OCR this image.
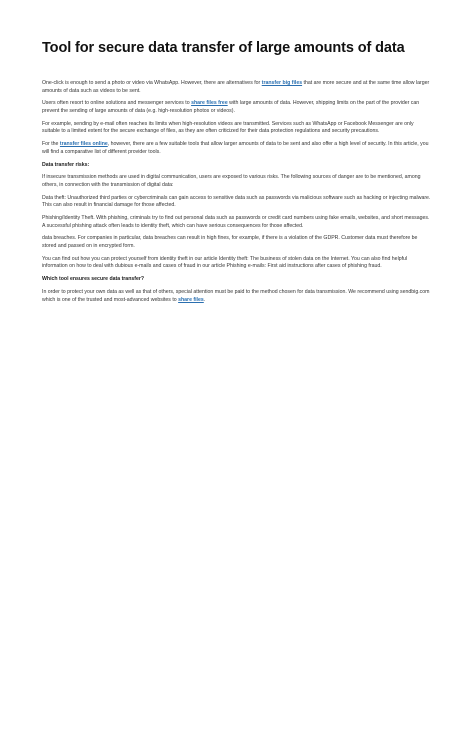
Tool for secure data transfer of large amounts of data

One-click is enough to send a photo or video via WhatsApp. However, there are alternatives for transfer big files that are more secure and at the same time allow larger amounts of data such as videos to be sent.

Users often resort to online solutions and messenger services to share files free with large amounts of data. However, shipping limits on the part of the provider can prevent the sending of large amounts of data (e.g. high-resolution photos or videos).

For example, sending by e-mail often reaches its limits when high-resolution videos are transmitted. Services such as WhatsApp or Facebook Messenger are only suitable to a limited extent for the secure exchange of files, as they are often criticized for their data protection regulations and security precautions.

For the transfer files online, however, there are a few suitable tools that allow larger amounts of data to be sent and also offer a high level of security. In this article, you will find a comparative list of different provider tools.

Data transfer risks:

If insecure transmission methods are used in digital communication, users are exposed to various risks. The following sources of danger are to be mentioned, among others, in connection with the transmission of digital data:

Data theft: Unauthorized third parties or cybercriminals can gain access to sensitive data such as passwords via malicious software such as hacking or injecting malware. This can also result in financial damage for those affected.

Phishing/Identity Theft. With phishing, criminals try to find out personal data such as passwords or credit card numbers using fake emails, websites, and short messages. A successful phishing attack often leads to identity theft, which can have serious consequences for those affected.

data breaches. For companies in particular, data breaches can result in high fines, for example, if there is a violation of the GDPR. Customer data must therefore be stored and passed on in encrypted form.

You can find out how you can protect yourself from identity theft in our article Identity theft: The business of stolen data on the Internet. You can also find helpful information on how to deal with dubious e-mails and cases of fraud in our article Phishing e-mails: First aid instructions after cases of phishing fraud.

Which tool ensures secure data transfer?

In order to protect your own data as well as that of others, special attention must be paid to the method chosen for data transmission. We recommend using sendbig.com which is one of the trusted and most-advanced websites to share files.
